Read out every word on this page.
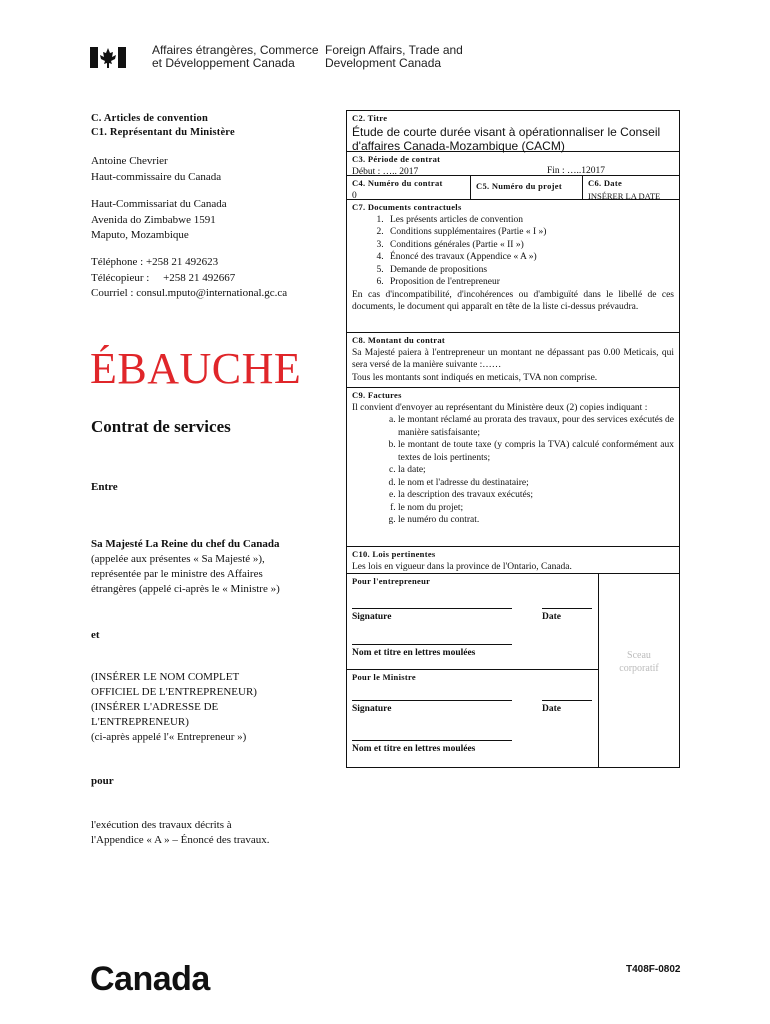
Affaires étrangères, Commerce
et Développement Canada
Foreign Affairs, Trade and
Development Canada
C. Articles de convention
C1. Représentant du Ministère
Antoine Chevrier
Haut-commissaire du Canada
Haut-Commissariat du Canada
Avenida do Zimbabwe 1591
Maputo, Mozambique
Téléphone : +258 21 492623
Télécopieur :     +258 21 492667
Courriel : consul.mputo@international.gc.ca
ÉBAUCHE
Contrat de services
Entre
Sa Majesté La Reine du chef du Canada
(appelée aux présentes « Sa Majesté »),
représentée par le ministre des Affaires
étrangères (appelé ci-après le « Ministre »)
et
(INSÉRER LE NOM COMPLET
OFFICIEL DE L'ENTREPRENEUR)
(INSÉRER L'ADRESSE DE
L'ENTREPRENEUR)
(ci-après appelé l'« Entrepreneur »)
pour
l'exécution des travaux décrits à
l'Appendice « A » – Énoncé des travaux.
C2. Titre
Étude de courte durée visant à opérationnaliser le Conseil d'affaires Canada-Mozambique (CACM)
C3. Période de contrat
Début : ….. 2017	Fin : …..12017
C4. Numéro du contrat
0
C5. Numéro du projet	C6. Date
INSÉRER LA DATE
C7. Documents contractuels
1. Les présents articles de convention
2. Conditions supplémentaires (Partie « I »)
3. Conditions générales (Partie « II »)
4. Énoncé des travaux (Appendice « A »)
5. Demande de propositions
6. Proposition de l'entrepreneur
En cas d'incompatibilité, d'incohérences ou d'ambiguïté dans le libellé de ces documents, le document qui apparaît en tête de la liste ci-dessus prévaudra.
C8. Montant du contrat
Sa Majesté paiera à l'entrepreneur un montant ne dépassant pas 0.00 Meticais, qui sera versé de la manière suivante :……
Tous les montants sont indiqués en meticais, TVA non comprise.
C9. Factures
Il convient d'envoyer au représentant du Ministère deux (2) copies indiquant :
a. le montant réclamé au prorata des travaux, pour des services exécutés de manière satisfaisante;
b. le montant de toute taxe (y compris la TVA) calculé conformément aux textes de lois pertinents;
c. la date;
d. le nom et l'adresse du destinataire;
e. la description des travaux exécutés;
f. le nom du projet;
g. le numéro du contrat.
C10. Lois pertinentes
Les lois en vigueur dans la province de l'Ontario, Canada.
Pour l'entrepreneur
Signature	Date
Nom et titre en lettres moulées
Pour le Ministre
Signature	Date
Nom et titre en lettres moulées
Sceau
corporatif
Canada	T408F-0802
